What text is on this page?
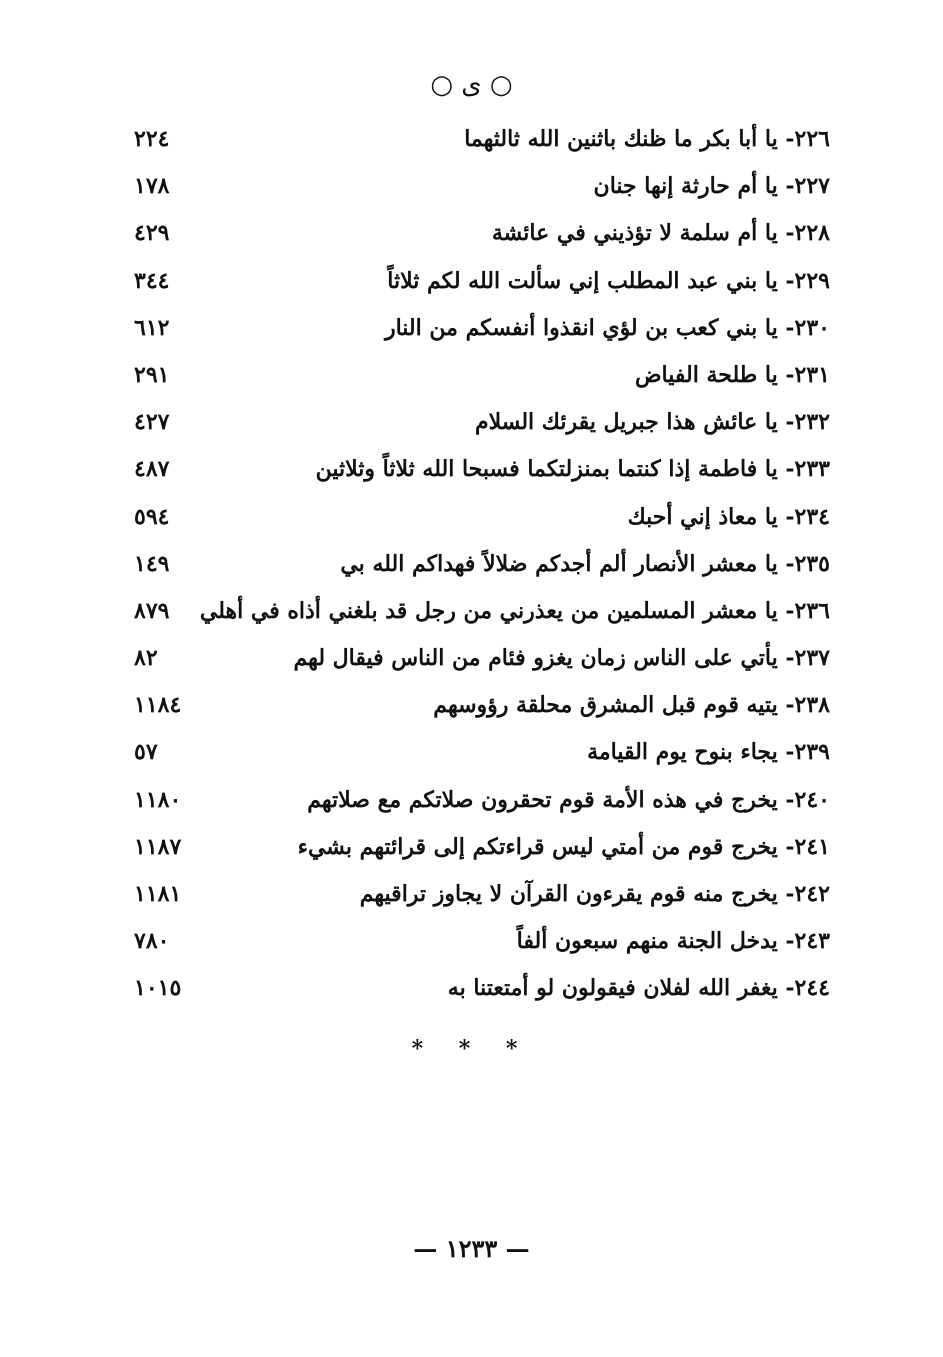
○ ى ○
٢٢٦- يا أبا بكر ما ظنك باثنين الله ثالثهما
٢٢٤
٢٢٧- يا أم حارثة إنها جنان
١٧٨
٢٢٨- يا أم سلمة لا تؤذيني في عائشة
٤٢٩
٢٢٩- يا بني عبد المطلب إني سألت الله لكم ثلاثاً
٣٤٤
٢٣٠- يا بني كعب بن لؤي انقذوا أنفسكم من النار
٦١٢
٢٣١- يا طلحة الفياض
٢٩١
٢٣٢- يا عائش هذا جبريل يقرئك السلام
٤٢٧
٢٣٣- يا فاطمة إذا كنتما بمنزلتكما فسبحا الله ثلاثاً وثلاثين
٤٨٧
٢٣٤- يا معاذ إني أحبك
٥٩٤
٢٣٥- يا معشر الأنصار ألم أجدكم ضلالاً فهداكم الله بي
١٤٩
٢٣٦- يا معشر المسلمين من يعذرني من رجل قد بلغني أذاه في أهلي
٨٧٩
٢٣٧- يأتي على الناس زمان يغزو فئام من الناس فيقال لهم
٨٢
٢٣٨- يتيه قوم قبل المشرق محلقة رؤوسهم
١١٨٤
٢٣٩- يجاء بنوح يوم القيامة
٥٧
٢٤٠- يخرج في هذه الأمة قوم تحقرون صلاتكم مع صلاتهم
١١٨٠
٢٤١- يخرج قوم من أمتي ليس قراءتكم إلى قرائتهم بشيء
١١٨٧
٢٤٢- يخرج منه قوم يقرءون القرآن لا يجاوز تراقيهم
١١٨١
٢٤٣- يدخل الجنة منهم سبعون ألفاً
٧٨٠
٢٤٤- يغفر الله لفلان فيقولون لو أمتعتنا به
١٠١٥
* * *
— ١٢٣٣ —
